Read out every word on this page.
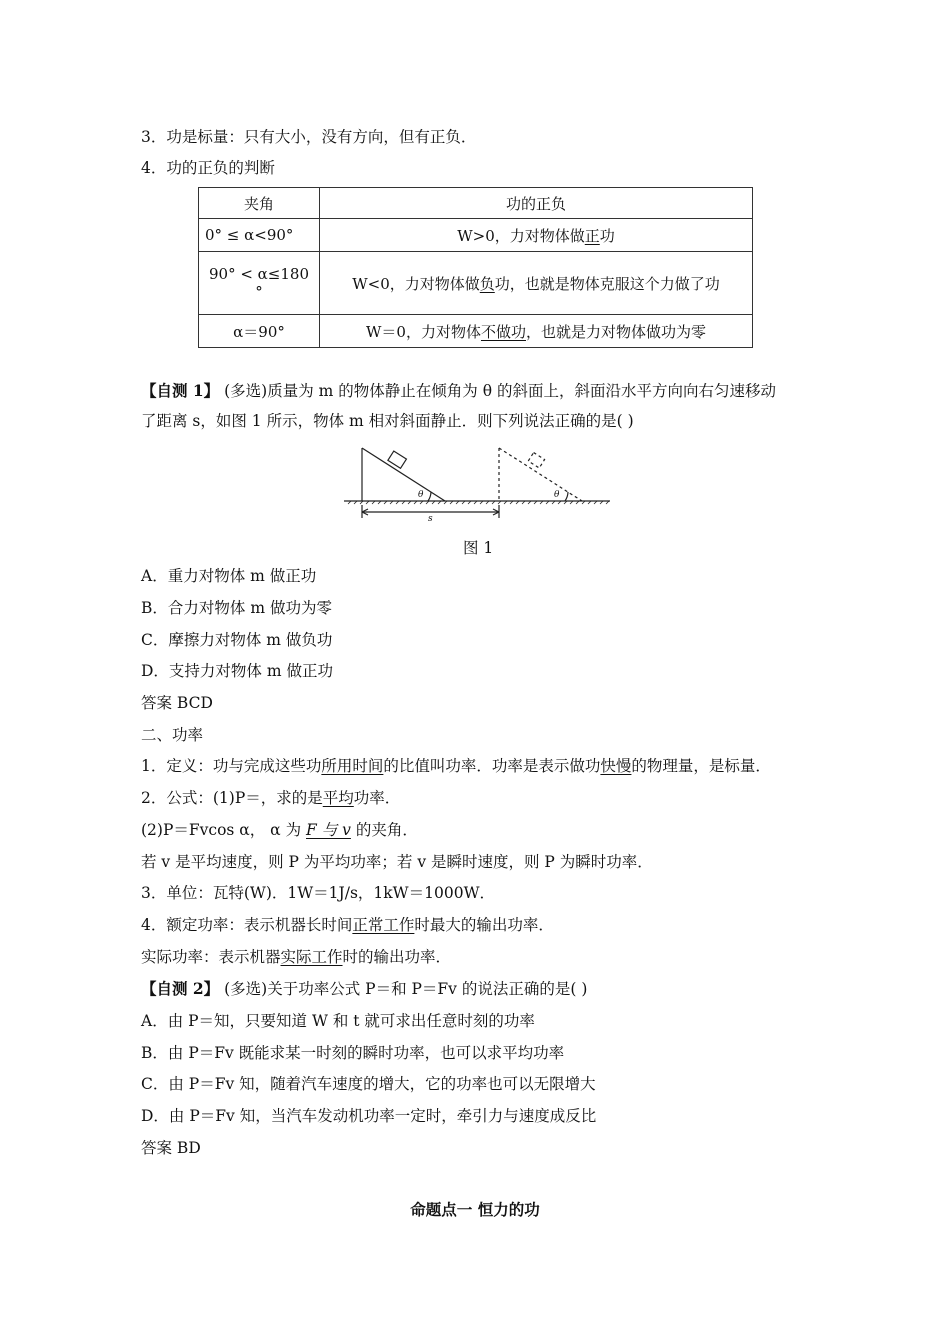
3．功是标量：只有大小，没有方向，但有正负．
4．功的正负的判断
夹角	功的正负
0° ≤ α<90°	W>0，力对物体做正功

90° < α≤180
°	W<0，力对物体做负功，也就是物体克服这个力做了功
α＝90°	W＝0，力对物体不做功，也就是力对物体做功为零
【自测 1】 (多选)质量为 m 的物体静止在倾角为 θ 的斜面上，斜面沿水平方向向右匀速移动
了距离 s，如图 1 所示，物体 m 相对斜面静止．则下列说法正确的是( )
θ	θ
s
图 1
A．重力对物体 m 做正功
B．合力对物体 m 做功为零
C．摩擦力对物体 m 做负功
D．支持力对物体 m 做正功
答案 BCD
二、功率
1．定义：功与完成这些功所用时间的比值叫功率．功率是表示做功快慢的物理量，是标量．
2．公式：(1)P＝，求的是平均功率．
(2)P＝Fvcos α， α 为 F 与 v 的夹角．
若 v 是平均速度，则 P 为平均功率；若 v 是瞬时速度，则 P 为瞬时功率．
3．单位：瓦特(W)．1W＝1J/s，1kW＝1000W．
4．额定功率：表示机器长时间正常工作时最大的输出功率．
实际功率：表示机器实际工作时的输出功率．
【自测 2】 (多选)关于功率公式 P＝和 P＝Fv 的说法正确的是( )
A．由 P＝知，只要知道 W 和 t 就可求出任意时刻的功率
B．由 P＝Fv 既能求某一时刻的瞬时功率，也可以求平均功率
C．由 P＝Fv 知，随着汽车速度的增大，它的功率也可以无限增大
D．由 P＝Fv 知，当汽车发动机功率一定时，牵引力与速度成反比
答案 BD
命题点一 恒力的功
